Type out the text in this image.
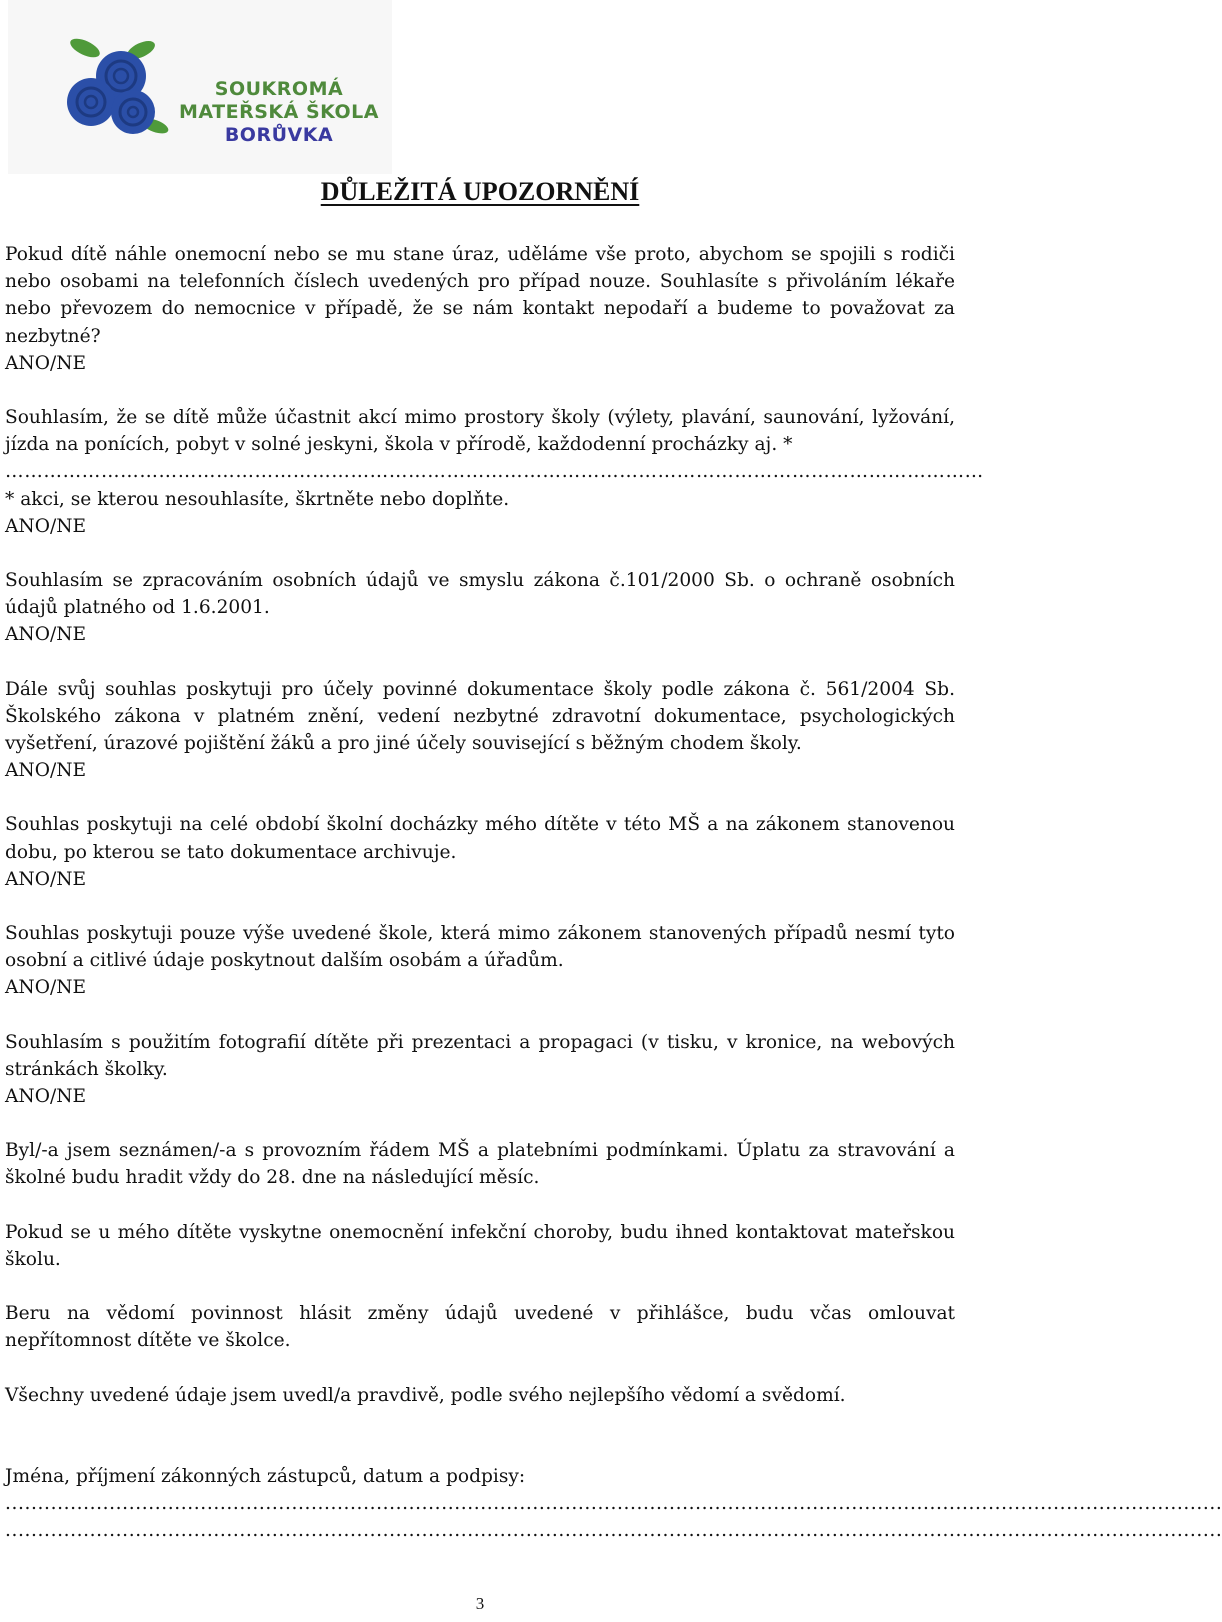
SOUKROMÁ
MATEŘSKÁ ŠKOLA
BORŮVKA
DŮLEŽITÁ UPOZORNĚNÍ

Pokud dítě náhle onemocní nebo se mu stane úraz, uděláme vše proto, abychom se spojili s rodiči nebo osobami na telefonních číslech uvedených pro případ nouze. Souhlasíte s přivoláním lékaře nebo převozem do nemocnice v případě, že se nám kontakt nepodaří a budeme to považovat za nezbytné?

ANO/NE

Souhlasím, že se dítě může účastnit akcí mimo prostory školy (výlety, plavání, saunování, lyžování, jízda na ponících, pobyt v solné jeskyni, škola v přírodě, každodenní procházky aj. *

………………………………………………………………………………………………………………………………………

* akci, se kterou nesouhlasíte, škrtněte nebo doplňte.

ANO/NE

Souhlasím se zpracováním osobních údajů ve smyslu zákona č.101/2000 Sb. o ochraně osobních údajů platného od 1.6.2001.

ANO/NE

Dále svůj souhlas poskytuji pro účely povinné dokumentace školy podle zákona č. 561/2004 Sb. Školského zákona v platném znění, vedení nezbytné zdravotní dokumentace, psychologických vyšetření, úrazové pojištění žáků a pro jiné účely související s běžným chodem školy.

ANO/NE

Souhlas poskytuji na celé období školní docházky mého dítěte v této MŠ a na zákonem stanovenou dobu, po kterou se tato dokumentace archivuje.

ANO/NE

Souhlas poskytuji pouze výše uvedené škole, která mimo zákonem stanovených případů nesmí tyto osobní a citlivé údaje poskytnout dalším osobám a úřadům.

ANO/NE

Souhlasím s použitím fotografií dítěte při prezentaci a propagaci (v tisku, v kronice, na webových stránkách školky.

ANO/NE

Byl/-a jsem seznámen/-a s provozním řádem MŠ a platebními podmínkami. Úplatu za stravování a školné budu hradit vždy do 28. dne na následující měsíc.

Pokud se u mého dítěte vyskytne onemocnění infekční choroby, budu ihned kontaktovat mateřskou školu.

Beru na vědomí povinnost hlásit změny údajů uvedené v přihlášce, budu včas omlouvat nepřítomnost dítěte ve školce.

Všechny uvedené údaje jsem uvedl/a pravdivě, podle svého nejlepšího vědomí a svědomí.

Jména, příjmení zákonných zástupců, datum a podpisy:

...........................................................................................................................................................................................

...........................................................................................................................................................................................

3
